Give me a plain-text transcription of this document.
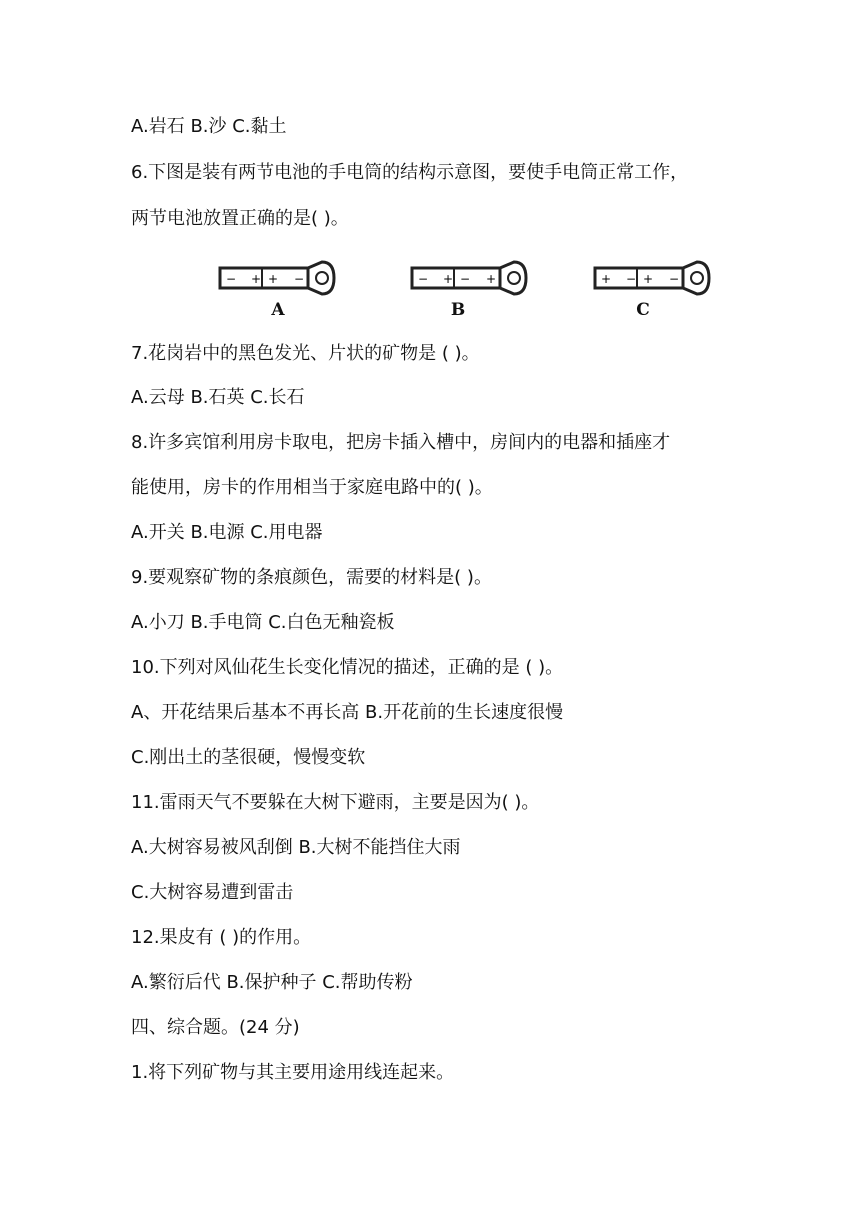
A.岩石 B.沙 C.黏土
6.下图是装有两节电池的手电筒的结构示意图，要使手电筒正常工作，
两节电池放置正确的是( )。
− + + −
A
− + − +
B
+ − + −
C
7.花岗岩中的黑色发光、片状的矿物是 ( )。
A.云母 B.石英 C.长石
8.许多宾馆利用房卡取电，把房卡插入槽中，房间内的电器和插座才
能使用，房卡的作用相当于家庭电路中的( )。
A.开关 B.电源 C.用电器
9.要观察矿物的条痕颜色，需要的材料是( )。
A.小刀 B.手电筒 C.白色无釉瓷板
10.下列对风仙花生长变化情况的描述，正确的是 ( )。
A、开花结果后基本不再长高 B.开花前的生长速度很慢
C.刚出土的茎很硬，慢慢变软
11.雷雨天气不要躲在大树下避雨，主要是因为( )。
A.大树容易被风刮倒 B.大树不能挡住大雨
C.大树容易遭到雷击
12.果皮有 ( )的作用。
A.繁衍后代 B.保护种子 C.帮助传粉
四、综合题。(24 分)
1.将下列矿物与其主要用途用线连起来。
